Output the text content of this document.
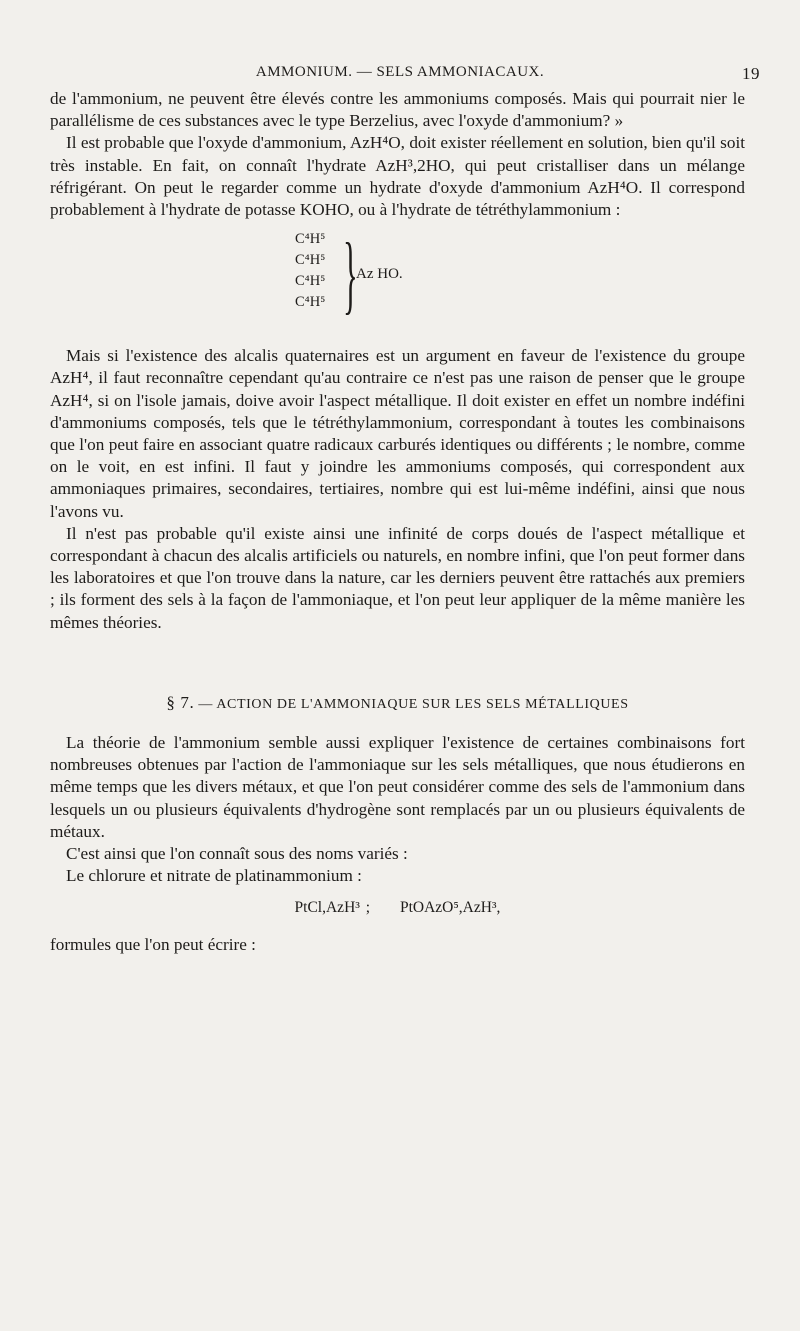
AMMONIUM. — SELS AMMONIACAUX.	19

de l'ammonium, ne peuvent être élevés contre les ammoniums composés. Mais qui pourrait nier le parallélisme de ces substances avec le type Berzelius, avec l'oxyde d'ammonium? »

Il est probable que l'oxyde d'ammonium, AzH⁴O, doit exister réellement en solution, bien qu'il soit très instable. En fait, on connaît l'hydrate AzH³,2HO, qui peut cristalliser dans un mélange réfrigérant. On peut le regarder comme un hydrate d'oxyde d'ammonium AzH⁴O. Il correspond probablement à l'hydrate de potasse KOHO, ou à l'hydrate de tétréthylammonium :

C⁴H⁵
C⁴H⁵
C⁴H⁵
C⁴H⁵ }
Az HO.

Mais si l'existence des alcalis quaternaires est un argument en faveur de l'existence du groupe AzH⁴, il faut reconnaître cependant qu'au contraire ce n'est pas une raison de penser que le groupe AzH⁴, si on l'isole jamais, doive avoir l'aspect métallique. Il doit exister en effet un nombre indéfini d'ammoniums composés, tels que le tétréthylammonium, correspondant à toutes les combinaisons que l'on peut faire en associant quatre radicaux carburés identiques ou différents ; le nombre, comme on le voit, en est infini. Il faut y joindre les ammoniums composés, qui correspondent aux ammoniaques primaires, secondaires, tertiaires, nombre qui est lui-même indéfini, ainsi que nous l'avons vu.

Il n'est pas probable qu'il existe ainsi une infinité de corps doués de l'aspect métallique et correspondant à chacun des alcalis artificiels ou naturels, en nombre infini, que l'on peut former dans les laboratoires et que l'on trouve dans la nature, car les derniers peuvent être rattachés aux premiers ; ils forment des sels à la façon de l'ammoniaque, et l'on peut leur appliquer de la même manière les mêmes théories.

§ 7. — ACTION DE L'AMMONIAQUE SUR LES SELS MÉTALLIQUES

La théorie de l'ammonium semble aussi expliquer l'existence de certaines combinaisons fort nombreuses obtenues par l'action de l'ammoniaque sur les sels métalliques, que nous étudierons en même temps que les divers métaux, et que l'on peut considérer comme des sels de l'ammonium dans lesquels un ou plusieurs équivalents d'hydrogène sont remplacés par un ou plusieurs équivalents de métaux.

C'est ainsi que l'on connaît sous des noms variés :

Le chlorure et nitrate de platinammonium :

PtCl,AzH³ ; PtOAzO⁵,AzH³,

formules que l'on peut écrire :
